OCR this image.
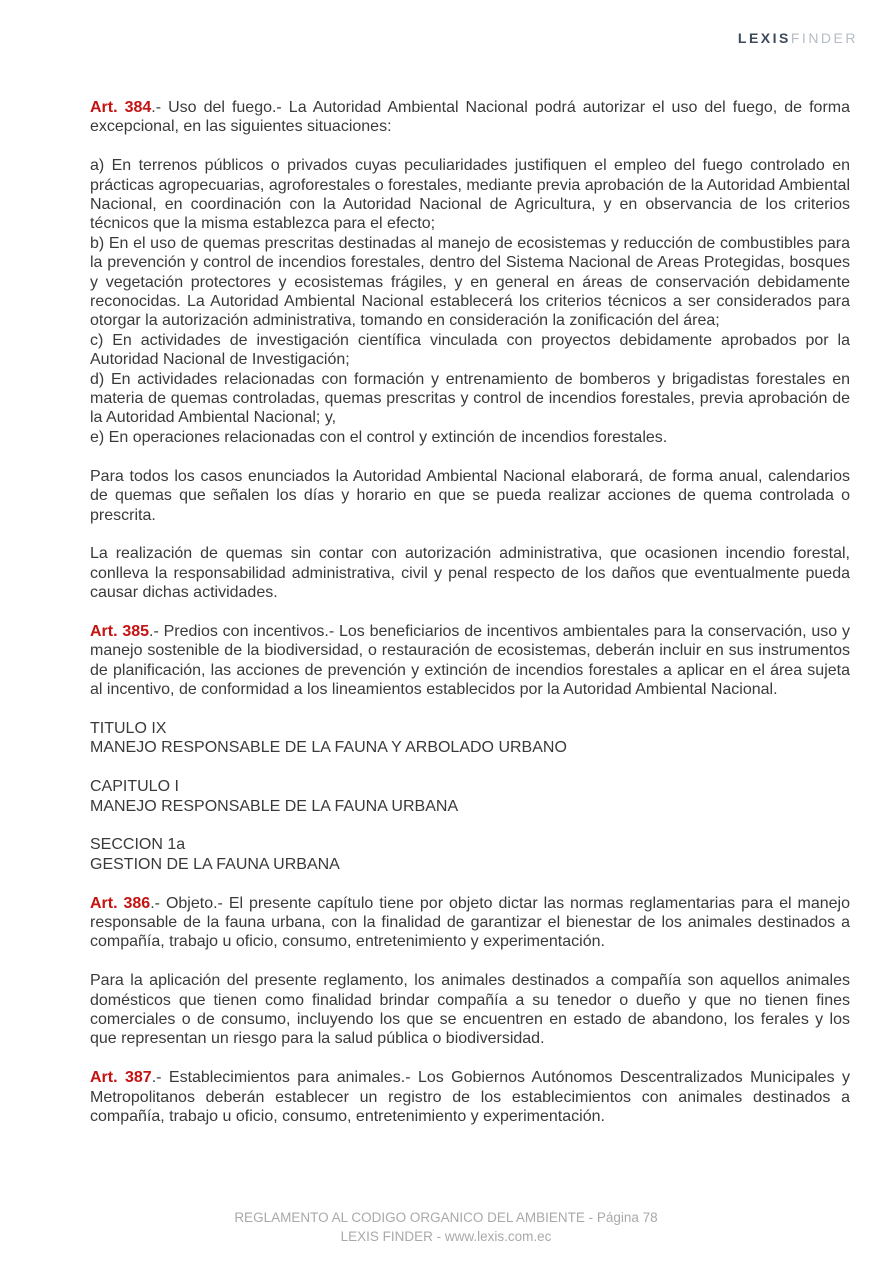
LEXISFINDER
Art. 384.- Uso del fuego.- La Autoridad Ambiental Nacional podrá autorizar el uso del fuego, de forma excepcional, en las siguientes situaciones:
a) En terrenos públicos o privados cuyas peculiaridades justifiquen el empleo del fuego controlado en prácticas agropecuarias, agroforestales o forestales, mediante previa aprobación de la Autoridad Ambiental Nacional, en coordinación con la Autoridad Nacional de Agricultura, y en observancia de los criterios técnicos que la misma establezca para el efecto;
b) En el uso de quemas prescritas destinadas al manejo de ecosistemas y reducción de combustibles para la prevención y control de incendios forestales, dentro del Sistema Nacional de Areas Protegidas, bosques y vegetación protectores y ecosistemas frágiles, y en general en áreas de conservación debidamente reconocidas. La Autoridad Ambiental Nacional establecerá los criterios técnicos a ser considerados para otorgar la autorización administrativa, tomando en consideración la zonificación del área;
c) En actividades de investigación científica vinculada con proyectos debidamente aprobados por la Autoridad Nacional de Investigación;
d) En actividades relacionadas con formación y entrenamiento de bomberos y brigadistas forestales en materia de quemas controladas, quemas prescritas y control de incendios forestales, previa aprobación de la Autoridad Ambiental Nacional; y,
e) En operaciones relacionadas con el control y extinción de incendios forestales.
Para todos los casos enunciados la Autoridad Ambiental Nacional elaborará, de forma anual, calendarios de quemas que señalen los días y horario en que se pueda realizar acciones de quema controlada o prescrita.
La realización de quemas sin contar con autorización administrativa, que ocasionen incendio forestal, conlleva la responsabilidad administrativa, civil y penal respecto de los daños que eventualmente pueda causar dichas actividades.
Art. 385.- Predios con incentivos.- Los beneficiarios de incentivos ambientales para la conservación, uso y manejo sostenible de la biodiversidad, o restauración de ecosistemas, deberán incluir en sus instrumentos de planificación, las acciones de prevención y extinción de incendios forestales a aplicar en el área sujeta al incentivo, de conformidad a los lineamientos establecidos por la Autoridad Ambiental Nacional.
TITULO IX
MANEJO RESPONSABLE DE LA FAUNA Y ARBOLADO URBANO
CAPITULO I
MANEJO RESPONSABLE DE LA FAUNA URBANA
SECCION 1a
GESTION DE LA FAUNA URBANA
Art. 386.- Objeto.- El presente capítulo tiene por objeto dictar las normas reglamentarias para el manejo responsable de la fauna urbana, con la finalidad de garantizar el bienestar de los animales destinados a compañía, trabajo u oficio, consumo, entretenimiento y experimentación.
Para la aplicación del presente reglamento, los animales destinados a compañía son aquellos animales domésticos que tienen como finalidad brindar compañía a su tenedor o dueño y que no tienen fines comerciales o de consumo, incluyendo los que se encuentren en estado de abandono, los ferales y los que representan un riesgo para la salud pública o biodiversidad.
Art. 387.- Establecimientos para animales.- Los Gobiernos Autónomos Descentralizados Municipales y Metropolitanos deberán establecer un registro de los establecimientos con animales destinados a compañía, trabajo u oficio, consumo, entretenimiento y experimentación.
REGLAMENTO AL CODIGO ORGANICO DEL AMBIENTE - Página 78
LEXIS FINDER - www.lexis.com.ec
